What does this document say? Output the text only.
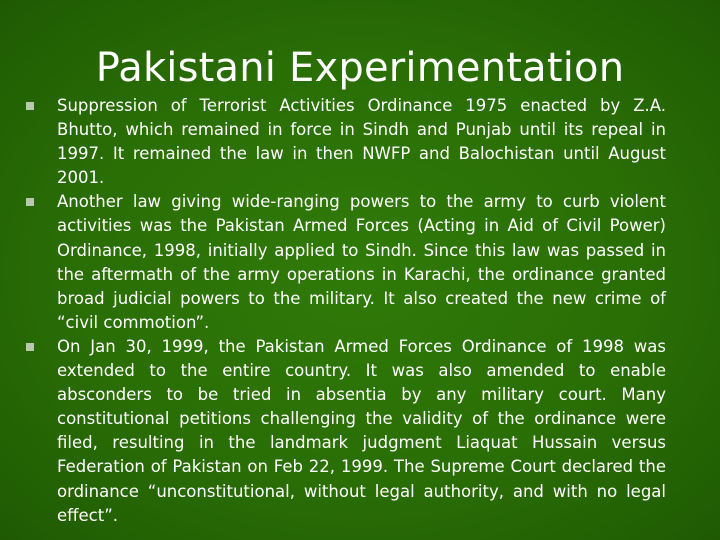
Pakistani Experimentation
Suppression of Terrorist Activities Ordinance 1975 enacted by Z.A. Bhutto, which remained in force in Sindh and Punjab until its repeal in 1997. It remained the law in then NWFP and Balochistan until August 2001.
Another law giving wide-ranging powers to the army to curb violent activities was the Pakistan Armed Forces (Acting in Aid of Civil Power) Ordinance, 1998, initially applied to Sindh. Since this law was passed in the aftermath of the army operations in Karachi, the ordinance granted broad judicial powers to the military. It also created the new crime of “civil commotion”.
On Jan 30, 1999, the Pakistan Armed Forces Ordinance of 1998 was extended to the entire country. It was also amended to enable absconders to be tried in absentia by any military court. Many constitutional petitions challenging the validity of the ordinance were filed, resulting in the landmark judgment Liaquat Hussain versus Federation of Pakistan on Feb 22, 1999. The Supreme Court declared the ordinance “unconstitutional, without legal authority, and with no legal effect”.
